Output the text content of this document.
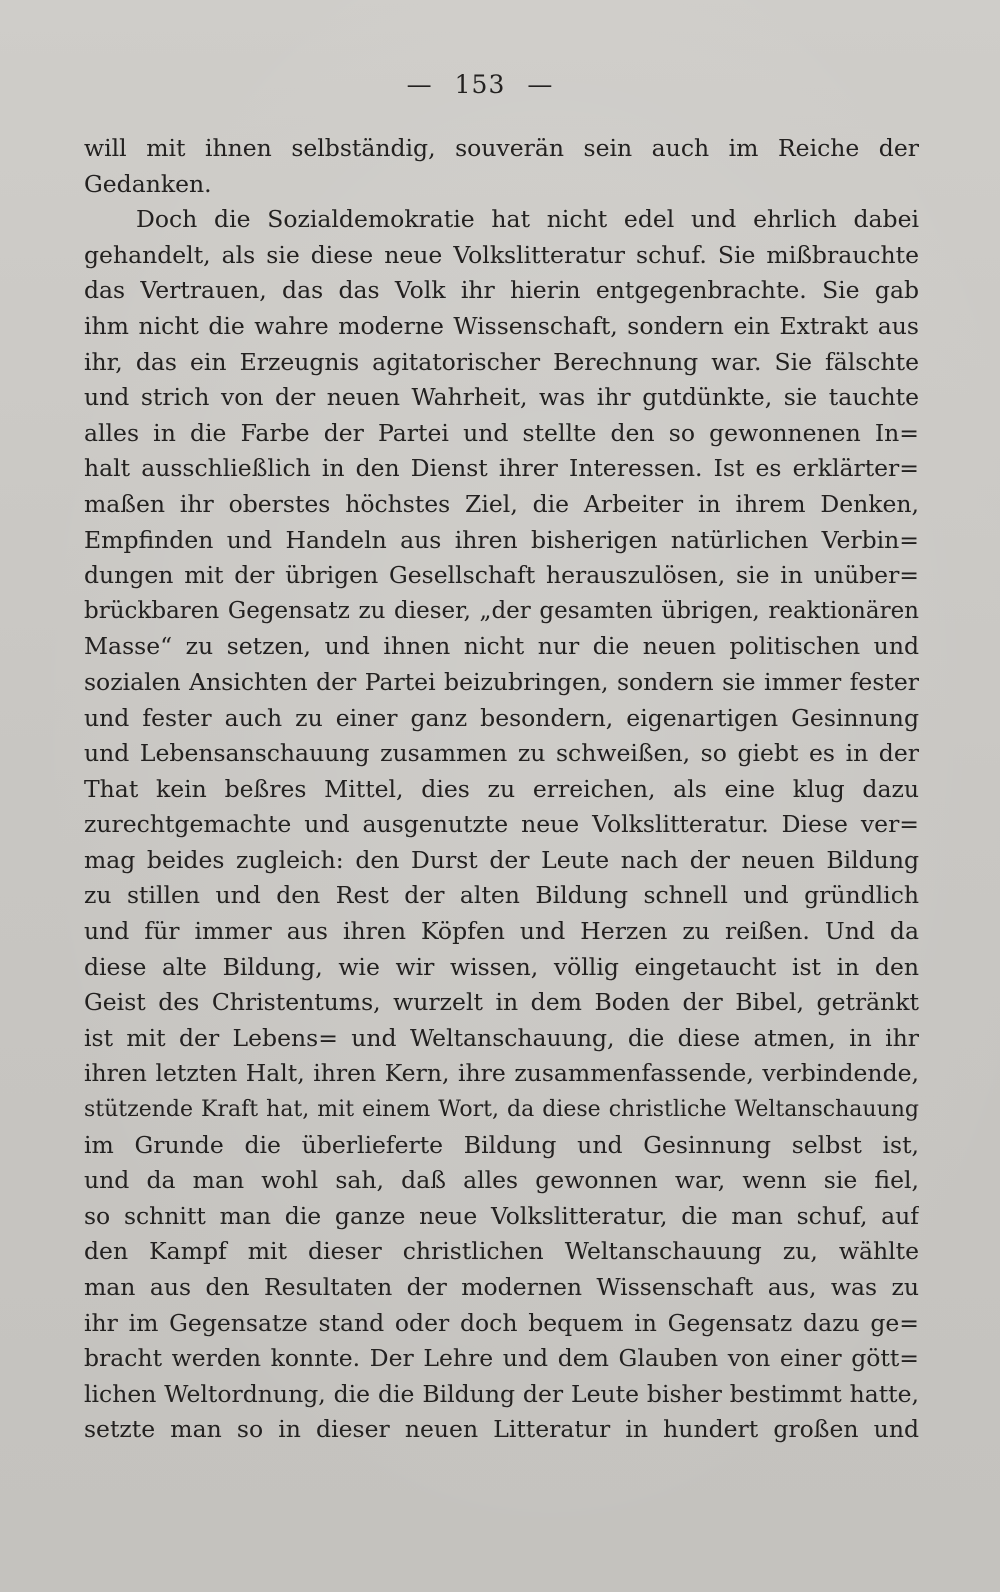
— 153 —
will mit ihnen selbständig, souverän sein auch im Reiche der
Gedanken.
Doch die Sozialdemokratie hat nicht edel und ehrlich dabei
gehandelt, als sie diese neue Volkslitteratur schuf. Sie mißbrauchte
das Vertrauen, das das Volk ihr hierin entgegenbrachte. Sie gab
ihm nicht die wahre moderne Wissenschaft, sondern ein Extrakt aus
ihr, das ein Erzeugnis agitatorischer Berechnung war. Sie fälschte
und strich von der neuen Wahrheit, was ihr gutdünkte, sie tauchte
alles in die Farbe der Partei und stellte den so gewonnenen In=
halt ausschließlich in den Dienst ihrer Interessen. Ist es erklärter=
maßen ihr oberstes höchstes Ziel, die Arbeiter in ihrem Denken,
Empfinden und Handeln aus ihren bisherigen natürlichen Verbin=
dungen mit der übrigen Gesellschaft herauszulösen, sie in unüber=
brückbaren Gegensatz zu dieser, „der gesamten übrigen, reaktionären
Masse“ zu setzen, und ihnen nicht nur die neuen politischen und
sozialen Ansichten der Partei beizubringen, sondern sie immer fester
und fester auch zu einer ganz besondern, eigenartigen Gesinnung
und Lebensanschauung zusammen zu schweißen, so giebt es in der
That kein beßres Mittel, dies zu erreichen, als eine klug dazu
zurechtgemachte und ausgenutzte neue Volkslitteratur. Diese ver=
mag beides zugleich: den Durst der Leute nach der neuen Bildung
zu stillen und den Rest der alten Bildung schnell und gründlich
und für immer aus ihren Köpfen und Herzen zu reißen. Und da
diese alte Bildung, wie wir wissen, völlig eingetaucht ist in den
Geist des Christentums, wurzelt in dem Boden der Bibel, getränkt
ist mit der Lebens= und Weltanschauung, die diese atmen, in ihr
ihren letzten Halt, ihren Kern, ihre zusammenfassende, verbindende,
stützende Kraft hat, mit einem Wort, da diese christliche Weltanschauung
im Grunde die überlieferte Bildung und Gesinnung selbst ist,
und da man wohl sah, daß alles gewonnen war, wenn sie fiel,
so schnitt man die ganze neue Volkslitteratur, die man schuf, auf
den Kampf mit dieser christlichen Weltanschauung zu, wählte
man aus den Resultaten der modernen Wissenschaft aus, was zu
ihr im Gegensatze stand oder doch bequem in Gegensatz dazu ge=
bracht werden konnte. Der Lehre und dem Glauben von einer gött=
lichen Weltordnung, die die Bildung der Leute bisher bestimmt hatte,
setzte man so in dieser neuen Litteratur in hundert großen und
